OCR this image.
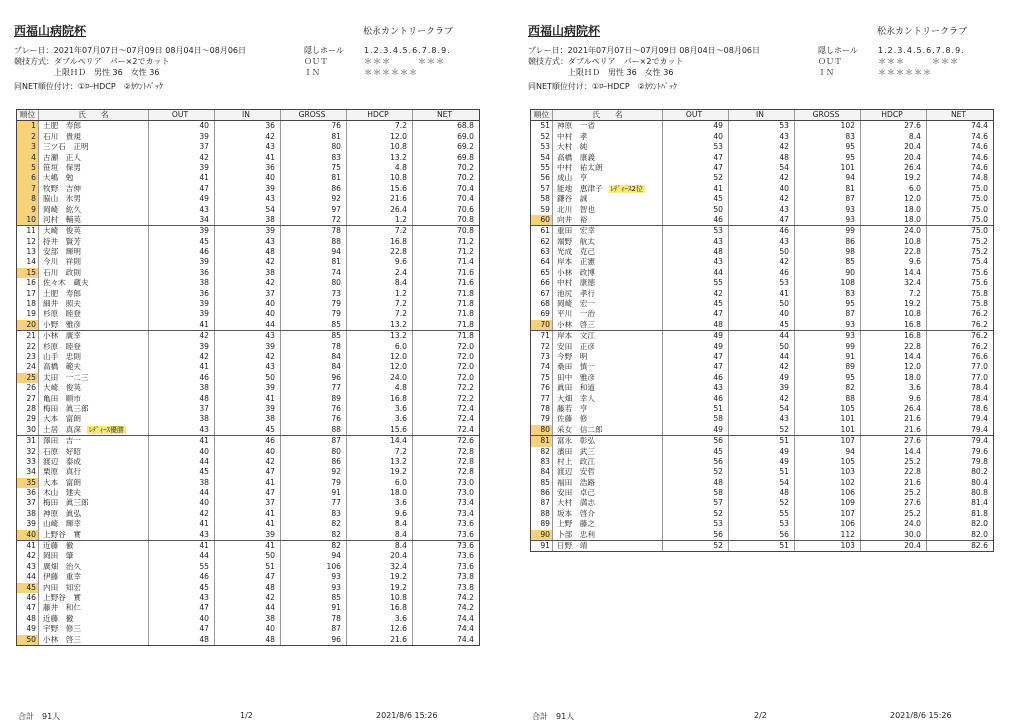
西福山病院杯	松永カントリークラブ
プレー日：2021年07月07日～07月09日 08月04日～08月06日
競技方式：ダブルペリア　パー×2でカット
　　　　　上限ＨＤ　男性 36　女性 36
同NET順位付け：①ﾛｰHDCP　②ｶｳﾝﾄﾊﾞｯｸ
隠しホール
ＯＵＴ
ＩＮ
1.2.3.4.5.6.7.8.9.
＊＊＊　　　＊＊＊
＊＊＊＊＊＊
順位	氏　　名	OUT	IN	GROSS	HDCP	NET
1 土肥　寿郎	40	36	76	7.2	68.8
2 石川　貴規	39	42	81	12.0	69.0
3 三ツ石　正明	37	43	80	10.8	69.2
4 古瀬　正人	42	41	83	13.2	69.8
5 笹垣　保男	39	36	75	4.8	70.2
6 大嶋　勉	41	40	81	10.8	70.2
7 牧野　吉伸	47	39	86	15.6	70.4
8 脇山　氷男	49	43	92	21.6	70.4
9 岡崎　紘久	43	54	97	26.4	70.6
10 河村　輔英	34	38	72	1.2	70.8
11 大崎　俊英	39	39	78	7.2	70.8
12 持井　賢芳	45	43	88	16.8	71.2
13 安部　輝明	46	48	94	22.8	71.2
14 今川　祥則	39	42	81	9.6	71.4
15 石川　政則	36	38	74	2.4	71.6
16 佐々木　蔵夫	38	42	80	8.4	71.6
17 土肥　寿郎	36	37	73	1.2	71.8
18 細井　照夫	39	40	79	7.2	71.8
19 杉原　睦登	39	40	79	7.2	71.8
20 小野　雅彦	41	44	85	13.2	71.8
21 小林　廣幸	42	43	85	13.2	71.8
22 杉原　睦登	39	39	78	6.0	72.0
23 山手　忠則	42	42	84	12.0	72.0
24 高橋　範夫	41	43	84	12.0	72.0
25 太田　一二三	46	50	96	24.0	72.0
26 大崎　俊英	38	39	77	4.8	72.2
27 亀田　順市	48	41	89	16.8	72.2
28 梅田　眞三郎	37	39	76	3.6	72.4
29 大本　富朗	38	38	76	3.6	72.4
30 土居　真深 ﾚﾃﾞｨｰｽ優勝	43	45	88	15.6	72.4
31 澤田　吉一	41	46	87	14.4	72.6
32 石原　好昭	40	40	80	7.2	72.8
33 渡辺　泰成	44	42	86	13.2	72.8
34 栗原　真行	45	47	92	19.2	72.8
35 大本　富朗	38	41	79	6.0	73.0
36 木山　建夫	44	47	91	18.0	73.0
37 梅田　眞三郎	40	37	77	3.6	73.4
38 神原　眞弘	42	41	83	9.6	73.4
39 山崎　輝幸	41	41	82	8.4	73.6
40 上野谷　實	43	39	82	8.4	73.6
41 近藤　徹	41	41	82	8.4	73.6
42 岡田　肇	44	50	94	20.4	73.6
43 廣畑　治久	55	51	106	32.4	73.6
44 伊藤　重幸	46	47	93	19.2	73.8
45 内田　知宏	45	48	93	19.2	73.8
46 上野谷　實	43	42	85	10.8	74.2
47 藤井　和仁	47	44	91	16.8	74.2
48 近藤　徹	40	38	78	3.6	74.4
49 宇野　修三	47	40	87	12.6	74.4
50 小林　啓三	48	48	96	21.6	74.4
合計　91人	1/2	2021/8/6 15:26
西福山病院杯	松永カントリークラブ
プレー日：2021年07月07日～07月09日 08月04日～08月06日
競技方式：ダブルペリア　パー×2でカット
　　　　　上限ＨＤ　男性 36　女性 36
同NET順位付け：①ﾛｰHDCP　②ｶｳﾝﾄﾊﾞｯｸ
隠しホール
ＯＵＴ
ＩＮ
1.2.3.4.5.6.7.8.9.
＊＊＊　　　＊＊＊
＊＊＊＊＊＊
順位	氏　　名	OUT	IN	GROSS	HDCP	NET
51 神原　一省	49	53	102	27.6	74.4
52 中村　孝	40	43	83	8.4	74.6
53 大村　純	53	42	95	20.4	74.6
54 高橋　康義	47	48	95	20.4	74.6
55 中村　祐太朗	47	54	101	26.4	74.6
56 成山　亨	52	42	94	19.2	74.8
57 能地　恵津子 ﾚﾃﾞｨｰｽ2位	41	40	81	6.0	75.0
58 鎌谷　誠	45	42	87	12.0	75.0
59 北川　智也	50	43	93	18.0	75.0
60 向井　裕	46	47	93	18.0	75.0
61 重田　宏幸	53	46	99	24.0	75.0
62 端野　航太	43	43	86	10.8	75.2
63 光成　克己	48	50	98	22.8	75.2
64 岸本　正憲	43	42	85	9.6	75.4
65 小林　政博	44	46	90	14.4	75.6
66 中村　康徳	55	53	108	32.4	75.6
67 池尻　孝行	42	41	83	7.2	75.8
68 岡崎　宏一	45	50	95	19.2	75.8
69 平川　一治	47	40	87	10.8	76.2
70 小林　啓三	48	45	93	16.8	76.2
71 岸本　文江	49	44	93	16.8	76.2
72 安田　正彦	49	50	99	22.8	76.2
73 今野　明	47	44	91	14.4	76.6
74 桑田　慎一	47	42	89	12.0	77.0
75 田中　雅彦	46	49	95	18.0	77.0
76 眞田　和道	43	39	82	3.6	78.4
77 大畑　幸人	46	42	88	9.6	78.4
78 藤若　亨	51	54	105	26.4	78.6
79 佐藤　修	58	43	101	21.6	79.4
80 采女　信二郎	49	52	101	21.6	79.4
81 富永　彰弘	56	51	107	27.6	79.4
82 濱田　武三	45	49	94	14.4	79.6
83 村上　政江	56	49	105	25.2	79.8
84 渡辺　安哲	52	51	103	22.8	80.2
85 福田　浩路	48	54	102	21.6	80.4
86 安田　卓己	58	48	106	25.2	80.8
87 大村　満志	57	52	109	27.6	81.4
88 坂本　啓介	52	55	107	25.2	81.8
89 上野　藤之	53	53	106	24.0	82.0
90 卜部　忠利	56	56	112	30.0	82.0
91 日野　靖	52	51	103	20.4	82.6
合計　91人	2/2	2021/8/6 15:26
